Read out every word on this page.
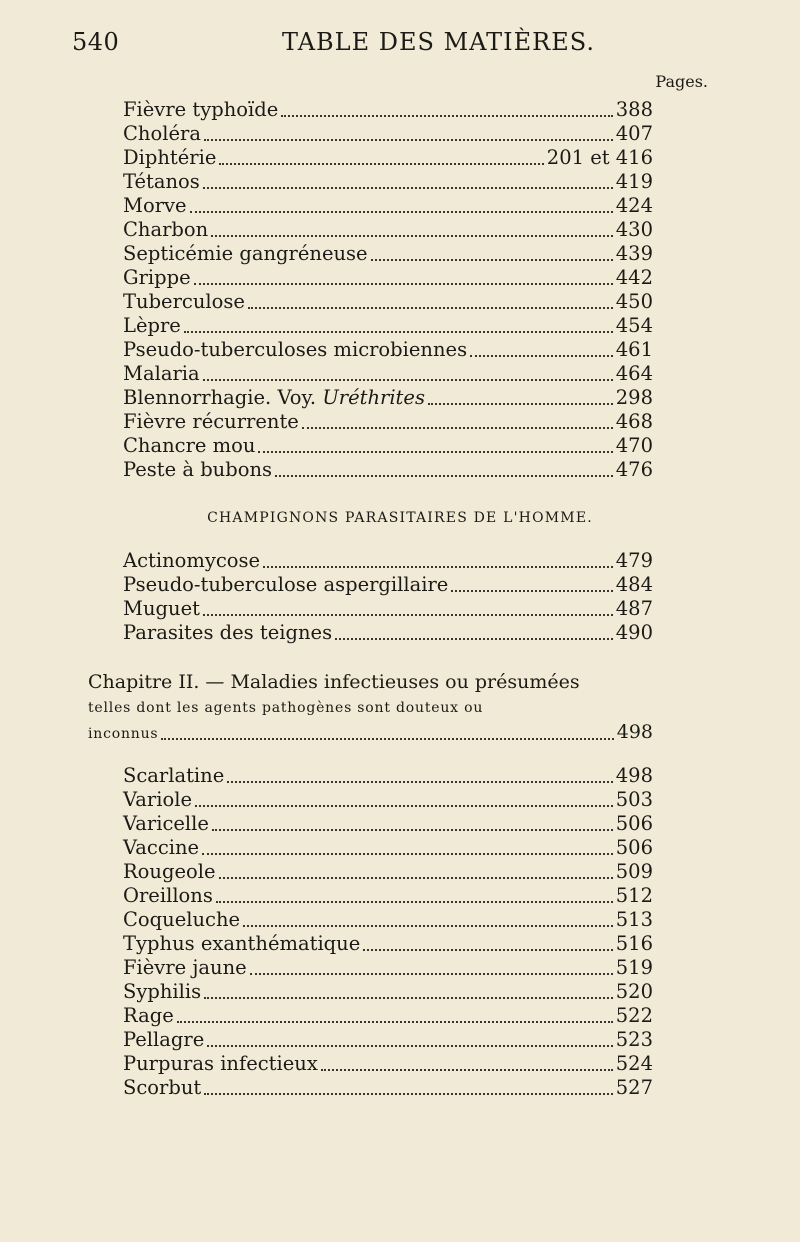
540	TABLE DES MATIÈRES.
Pages.
Fièvre typhoïde	388
Choléra	407
Diphtérie	201 et 416
Tétanos	419
Morve	424
Charbon	430
Septicémie gangréneuse	439
Grippe	442
Tuberculose	450
Lèpre	454
Pseudo-tuberculoses microbiennes	461
Malaria	464
Blennorrhagie. Voy. Uréthrites	298
Fièvre récurrente	468
Chancre mou	470
Peste à bubons	476
CHAMPIGNONS PARASITAIRES DE L'HOMME.
Actinomycose	479
Pseudo-tuberculose aspergillaire	484
Muguet	487
Parasites des teignes	490
Chapitre II. — Maladies infectieuses ou présumées
telles dont les agents pathogènes sont douteux ou
inconnus	498
Scarlatine	498
Variole	503
Varicelle	506
Vaccine	506
Rougeole	509
Oreillons	512
Coqueluche	513
Typhus exanthématique	516
Fièvre jaune	519
Syphilis	520
Rage	522
Pellagre	523
Purpuras infectieux	524
Scorbut	527
